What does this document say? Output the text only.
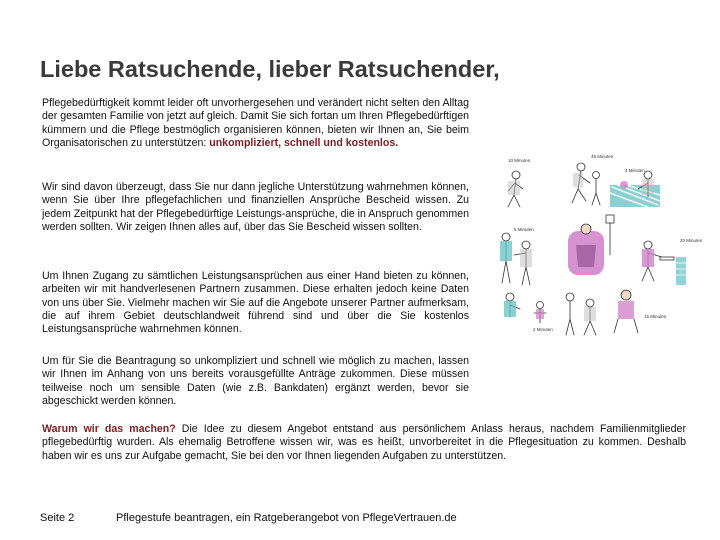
Liebe Ratsuchende, lieber Ratsuchender,

Pflegebedürftigkeit kommt leider oft unvorhergesehen und verändert nicht selten den Alltag der gesamten Familie von jetzt auf gleich. Damit Sie sich fortan um Ihren Pflegebedürftigen kümmern und die Pflege bestmöglich organisieren können, bieten wir Ihnen an, Sie beim Organisatorischen zu unterstützen: unkompliziert, schnell und kostenlos.

Wir sind davon überzeugt, dass Sie nur dann jegliche Unterstützung wahrnehmen können, wenn Sie über Ihre pflegefachlichen und finanziellen Ansprüche Bescheid wissen. Zu jedem Zeitpunkt hat der Pflegebedürftige Leistungs-ansprüche, die in Anspruch genommen werden sollten. Wir zeigen Ihnen alles auf, über das Sie Bescheid wissen sollten.

Um Ihnen Zugang zu sämtlichen Leistungsansprüchen aus einer Hand bieten zu können, arbeiten wir mit handverlesenen Partnern zusammen. Diese erhalten jedoch keine Daten von uns über Sie. Vielmehr machen wir Sie auf die Angebote unserer Partner aufmerksam, die auf ihrem Gebiet deutschlandweit führend sind und über die Sie kostenlos Leistungsansprüche wahrnehmen können.

Um für Sie die Beantragung so unkompliziert und schnell wie möglich zu machen, lassen wir Ihnen im Anhang von uns bereits vorausgefüllte Anträge zukommen. Diese müssen teilweise noch um sensible Daten (wie z.B. Bankdaten) ergänzt werden, bevor sie abgeschickt werden können.

Warum wir das machen? Die Idee zu diesem Angebot entstand aus persönlichem Anlass heraus, nachdem Familienmitglieder pflegebedürftig wurden. Als ehemalig Betroffene wissen wir, was es heißt, unvorbereitet in die Pflegesituation zu kommen. Deshalb haben wir es uns zur Aufgabe gemacht, Sie bei den vor Ihnen liegenden Aufgaben zu unterstützen.

10 Minuten
45 Minuten
4 Minuten
20 Minuten
5 Minuten
15 Minuten
2 Minuten
Seite 2	Pflegestufe beantragen, ein Ratgeberangebot von PflegeVertrauen.de
